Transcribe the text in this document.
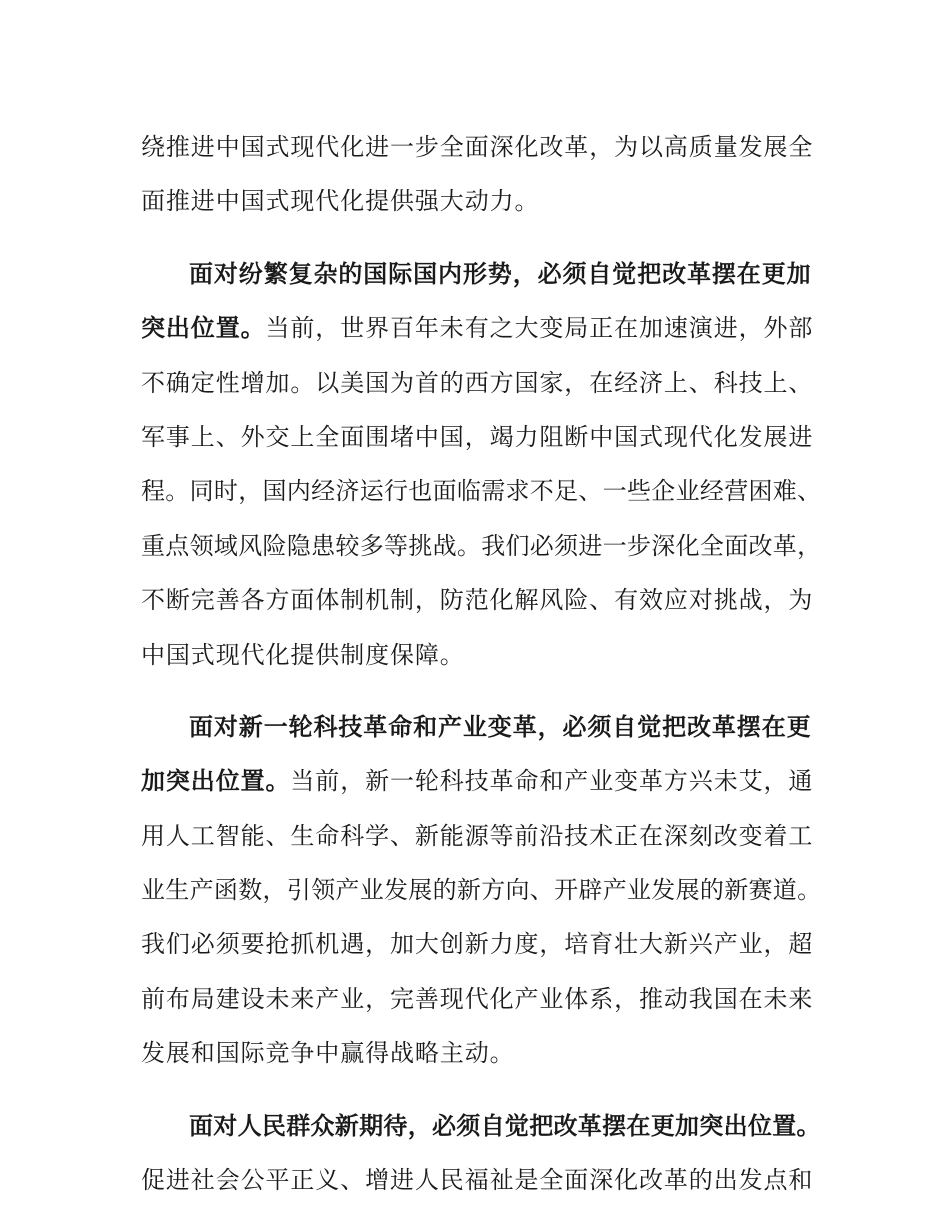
绕推进中国式现代化进一步全面深化改革，为以高质量发展全
面推进中国式现代化提供强大动力。
面对纷繁复杂的国际国内形势，必须自觉把改革摆在更加
突出位置。当前，世界百年未有之大变局正在加速演进，外部
不确定性增加。以美国为首的西方国家，在经济上、科技上、
军事上、外交上全面围堵中国，竭力阻断中国式现代化发展进
程。同时，国内经济运行也面临需求不足、一些企业经营困难、
重点领域风险隐患较多等挑战。我们必须进一步深化全面改革，
不断完善各方面体制机制，防范化解风险、有效应对挑战，为
中国式现代化提供制度保障。
面对新一轮科技革命和产业变革，必须自觉把改革摆在更
加突出位置。当前，新一轮科技革命和产业变革方兴未艾，通
用人工智能、生命科学、新能源等前沿技术正在深刻改变着工
业生产函数，引领产业发展的新方向、开辟产业发展的新赛道。
我们必须要抢抓机遇，加大创新力度，培育壮大新兴产业，超
前布局建设未来产业，完善现代化产业体系，推动我国在未来
发展和国际竞争中赢得战略主动。
面对人民群众新期待，必须自觉把改革摆在更加突出位置。
促进社会公平正义、增进人民福祉是全面深化改革的出发点和
